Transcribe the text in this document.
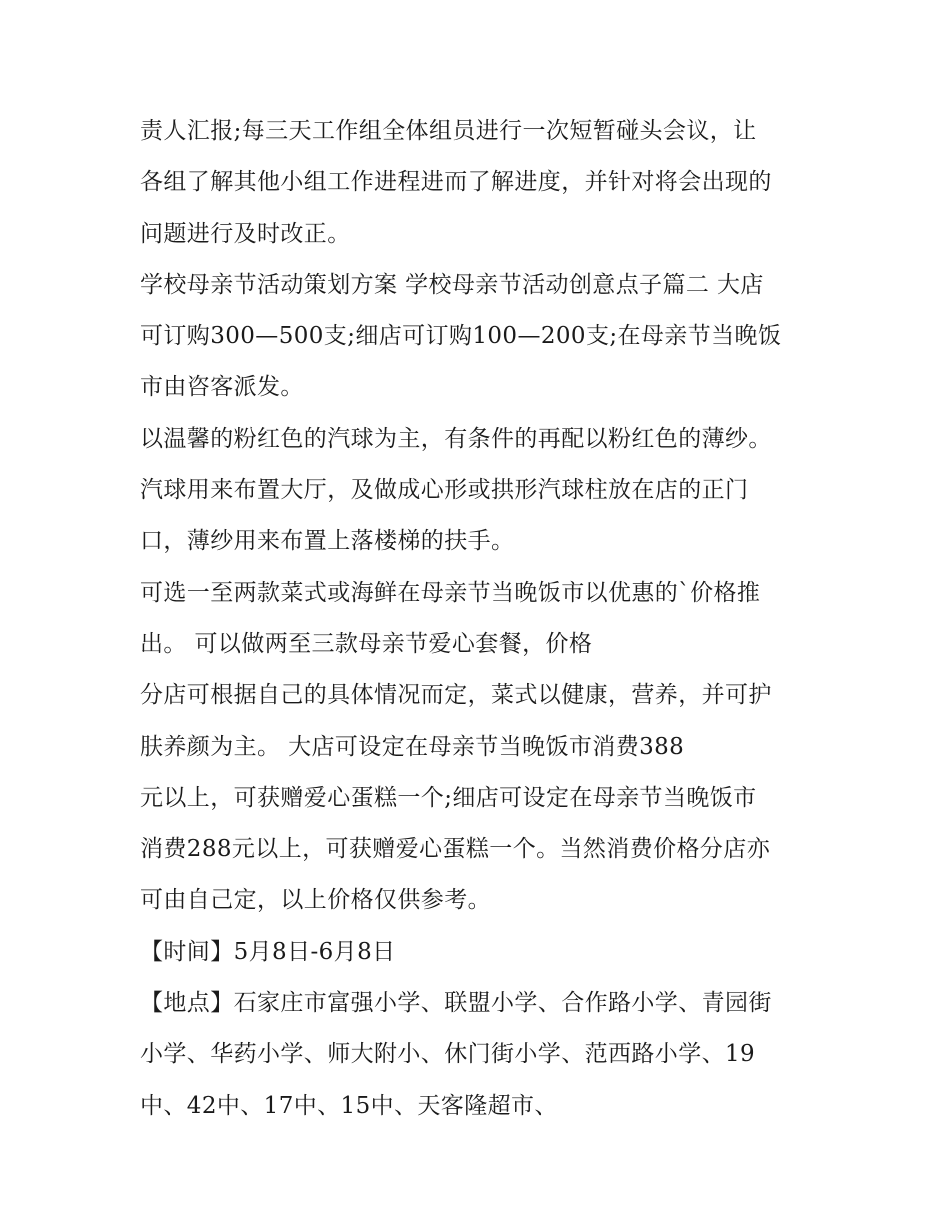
责人汇报;每三天工作组全体组员进行一次短暂碰头会议，让
各组了解其他小组工作进程进而了解进度，并针对将会出现的
问题进行及时改正。
学校母亲节活动策划方案 学校母亲节活动创意点子篇二 大店
可订购300—500支;细店可订购100—200支;在母亲节当晚饭
市由咨客派发。
以温馨的粉红色的汽球为主，有条件的再配以粉红色的薄纱。
汽球用来布置大厅，及做成心形或拱形汽球柱放在店的正门
口，薄纱用来布置上落楼梯的扶手。
可选一至两款菜式或海鲜在母亲节当晚饭市以优惠的`价格推
出。 可以做两至三款母亲节爱心套餐，价格
分店可根据自己的具体情况而定，菜式以健康，营养，并可护
肤养颜为主。 大店可设定在母亲节当晚饭市消费388
元以上，可获赠爱心蛋糕一个;细店可设定在母亲节当晚饭市
消费288元以上，可获赠爱心蛋糕一个。当然消费价格分店亦
可由自己定，以上价格仅供参考。
【时间】5月8日-6月8日
【地点】石家庄市富强小学、联盟小学、合作路小学、青园街
小学、华药小学、师大附小、休门街小学、范西路小学、19
中、42中、17中、15中、天客隆超市、
